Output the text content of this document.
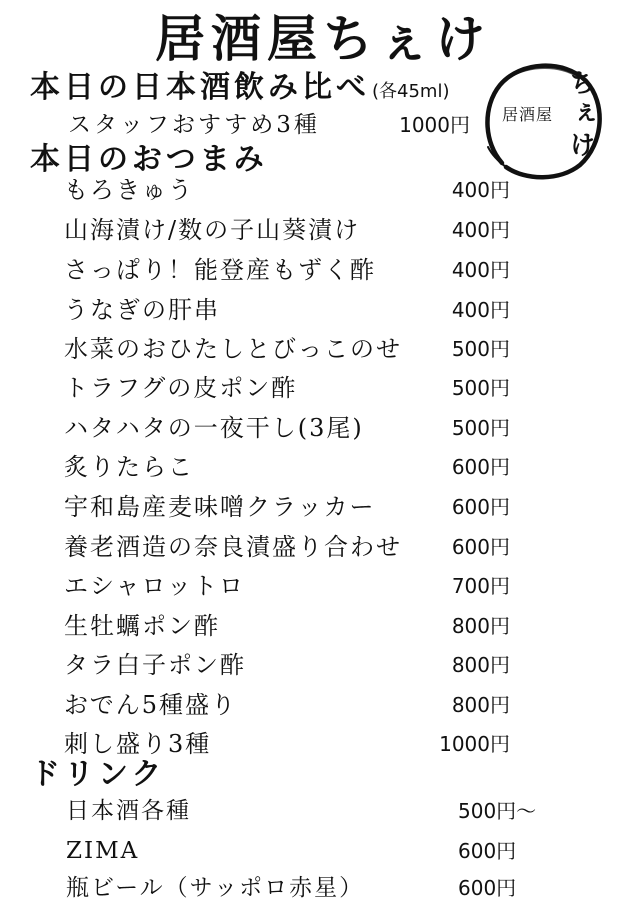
居酒屋ちぇけ
居酒屋 ちぇけ
本日の日本酒飲み比べ (各45ml)
スタッフおすすめ3種	1000円
本日のおつまみ
もろきゅう	400円
山海漬け/数の子山葵漬け	400円
さっぱり！能登産もずく酢	400円
うなぎの肝串	400円
水菜のおひたしとびっこのせ 500円
トラフグの皮ポン酢	500円
ハタハタの一夜干し(3尾)	500円
炙りたらこ	600円
宇和島産麦味噌クラッカー	600円
養老酒造の奈良漬盛り合わせ 600円
エシャロットロ	700円
生牡蠣ポン酢	800円
タラ白子ポン酢	800円
おでん5種盛り	800円
刺し盛り3種	1000円
ドリンク
日本酒各種	500円～
ZIMA	600円
瓶ビール（サッポロ赤星）	600円
